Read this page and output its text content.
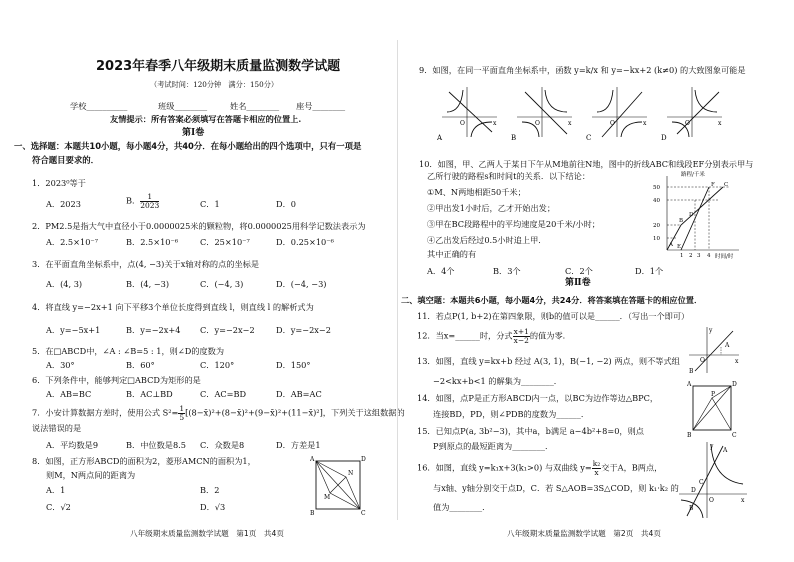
2023年春季八年级期末质量监测数学试题
（考试时间：120分钟　满分：150分）
学校__________	班级________	姓名________ 座号________
友情提示：所有答案必须填写在答题卡相应的位置上.
第Ⅰ卷
一、选择题：本题共10小题，每小题4分，共40分．在每小题给出的四个选项中，只有一项是
符合题目要求的．
1．2023⁰等于
A．2023	B． $\frac{1}{2023}$	C．1	D．0
2．PM2.5是指大气中直径小于0.0000025米的颗粒物，将0.0000025用科学记数法表示为
A．2.5×10⁻⁷	B．2.5×10⁻⁶	C．25×10⁻⁷	D．0.25×10⁻⁶
3．在平面直角坐标系中，点(4, −3)关于x轴对称的点的坐标是
A．(4, 3)	B．(4, −3)	C．(−4, 3)	D．(−4, −3)
4．将直线 y=−2x+1 向下平移3个单位长度得到直线 l，则直线 l 的解析式为
A．y=−5x+1	B．y=−2x+4 C．y=−2x−2	D．y=−2x−2
5．在□ABCD中，∠A : ∠B=5 : 1，则∠D的度数为
A．30°	B．60°	C．120°	D．150°
6．下列条件中，能够判定□ABCD为矩形的是
A．AB=BC	B．AC⊥BD	C．AC=BD	D．AB=AC
7．小安计算数据方差时，使用公式 $S^2= \frac{1}{5}$ [(8−x̄)²+(8−x̄)²+(9−x̄)²+(11−x̄)²]，下列关于这组数据的
说法错误的是
A．平均数是9	B．中位数是8.5 C．众数是8	D．方差是1
8．如图，正方形ABCD的面积为2，菱形AMCN的面积为1，
则M，N两点间的距离为
A．1	B．2
C．√2	D．√3
A	D
B	C
M
N
八年级期末质量监测数学试题　第1页　共4页
9．如图，在同一平面直角坐标系中，函数 y=k/x 和 y=−kx+2 (k≠0) 的大致图象可能是
O	x	O	x	O	x	O	x
A	B	C	D
10．如图，甲、乙两人于某日下午从M地前往N地，图中的折线ABC和线段EF分别表示甲与
乙所行驶的路程s和时间t的关系．以下结论：
①M、N两地相距50千米；
②甲出发1小时后，乙才开始出发；
③甲在BC段路程中的平均速度是20千米/小时；
④乙出发后经过0.5小时追上甲．
其中正确的有
A．4个	B．3个	C．2个	D．1个
路程/千米
时间/时
50
40
20
10
1 2 3 4
A
B
C
D
E
F
第Ⅱ卷
二、填空题：本题共6小题，每小题4分，共24分．将答案填在答题卡的相应位置．
11．若点P(1, b+2)在第四象限，则b的值可以是______．（写出一个即可）
12．当x=______时，分式 $\frac{x+1}{x-2}$ 的值为零．
13．如图，直线 y=kx+b 经过 A(3, 1)，B(−1, −2) 两点，则不等式组
−2<kx+b<1 的解集为________．
A
B
O	x
y
14．如图，点P是正方形ABCD内一点，以BC为边作等边△BPC，
连接BD，PD，则∠PDB的度数为______．
A	D
B	C
P
15．已知点P(a, 3b²−3)，其中a，b满足 a−4b²+8=0，则点
P到原点的最短距离为________．
16．如图，直线 y=k₁x+3(k₁>0) 与双曲线 $y= \frac{\text{k₂}}{x}$ 交于A，B两点，
与x轴、y轴分别交于点D，C．若 S△AOB=3S△COD，则 k₁·k₂ 的
值为________．
A
B
C
D
O	x
y
八年级期末质量监测数学试题　第2页　共4页
